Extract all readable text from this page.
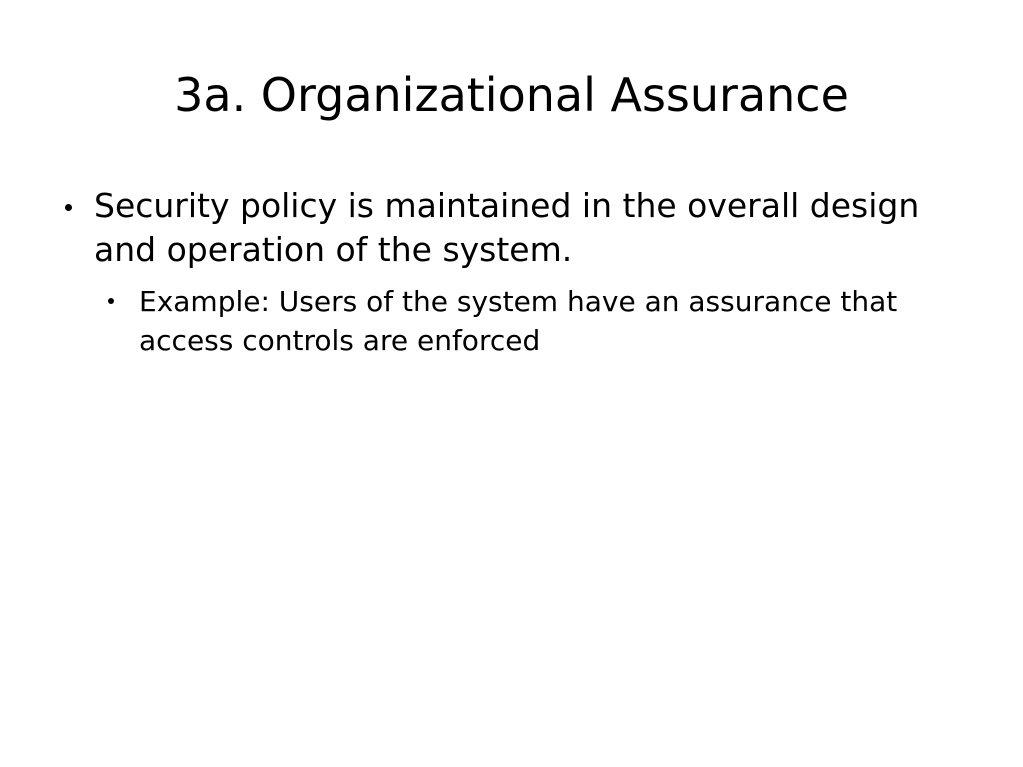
3a. Organizational Assurance
Security policy is maintained in the overall design and operation of the system.
Example: Users of the system have an assurance that access controls are enforced
